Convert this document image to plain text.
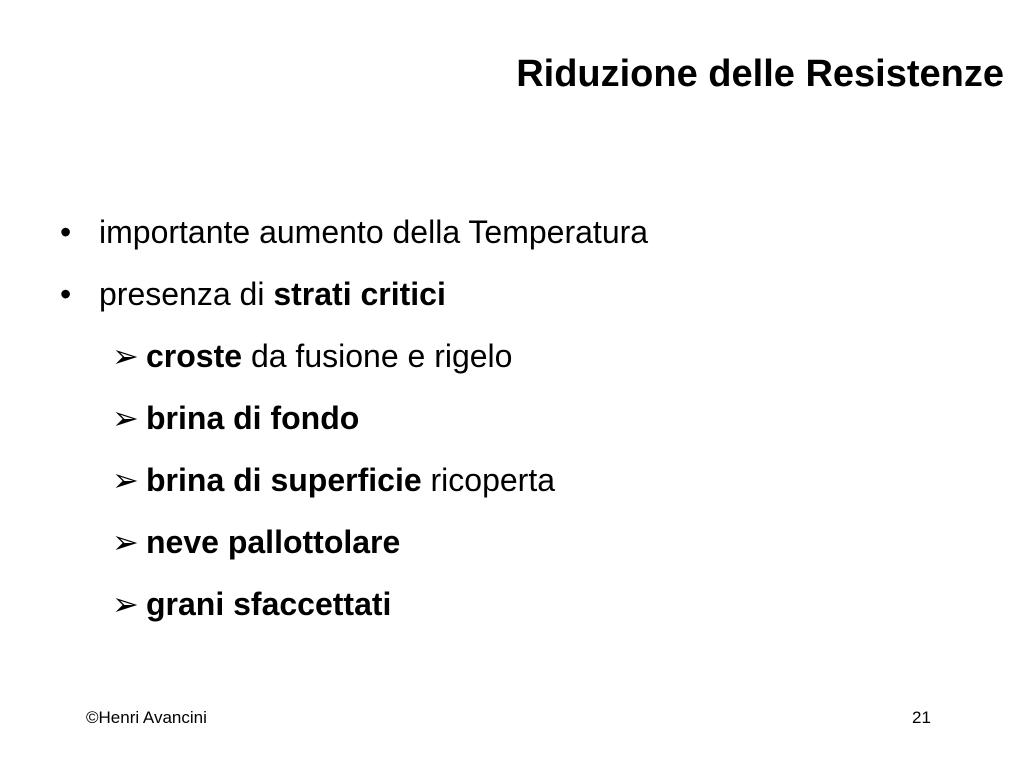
Riduzione delle Resistenze
• importante aumento della Temperatura
• presenza di strati critici
➢ croste da fusione e rigelo
➢ brina di fondo
➢ brina di superficie ricoperta
➢ neve pallottolare
➢ grani sfaccettati
©Henri Avancini	21
